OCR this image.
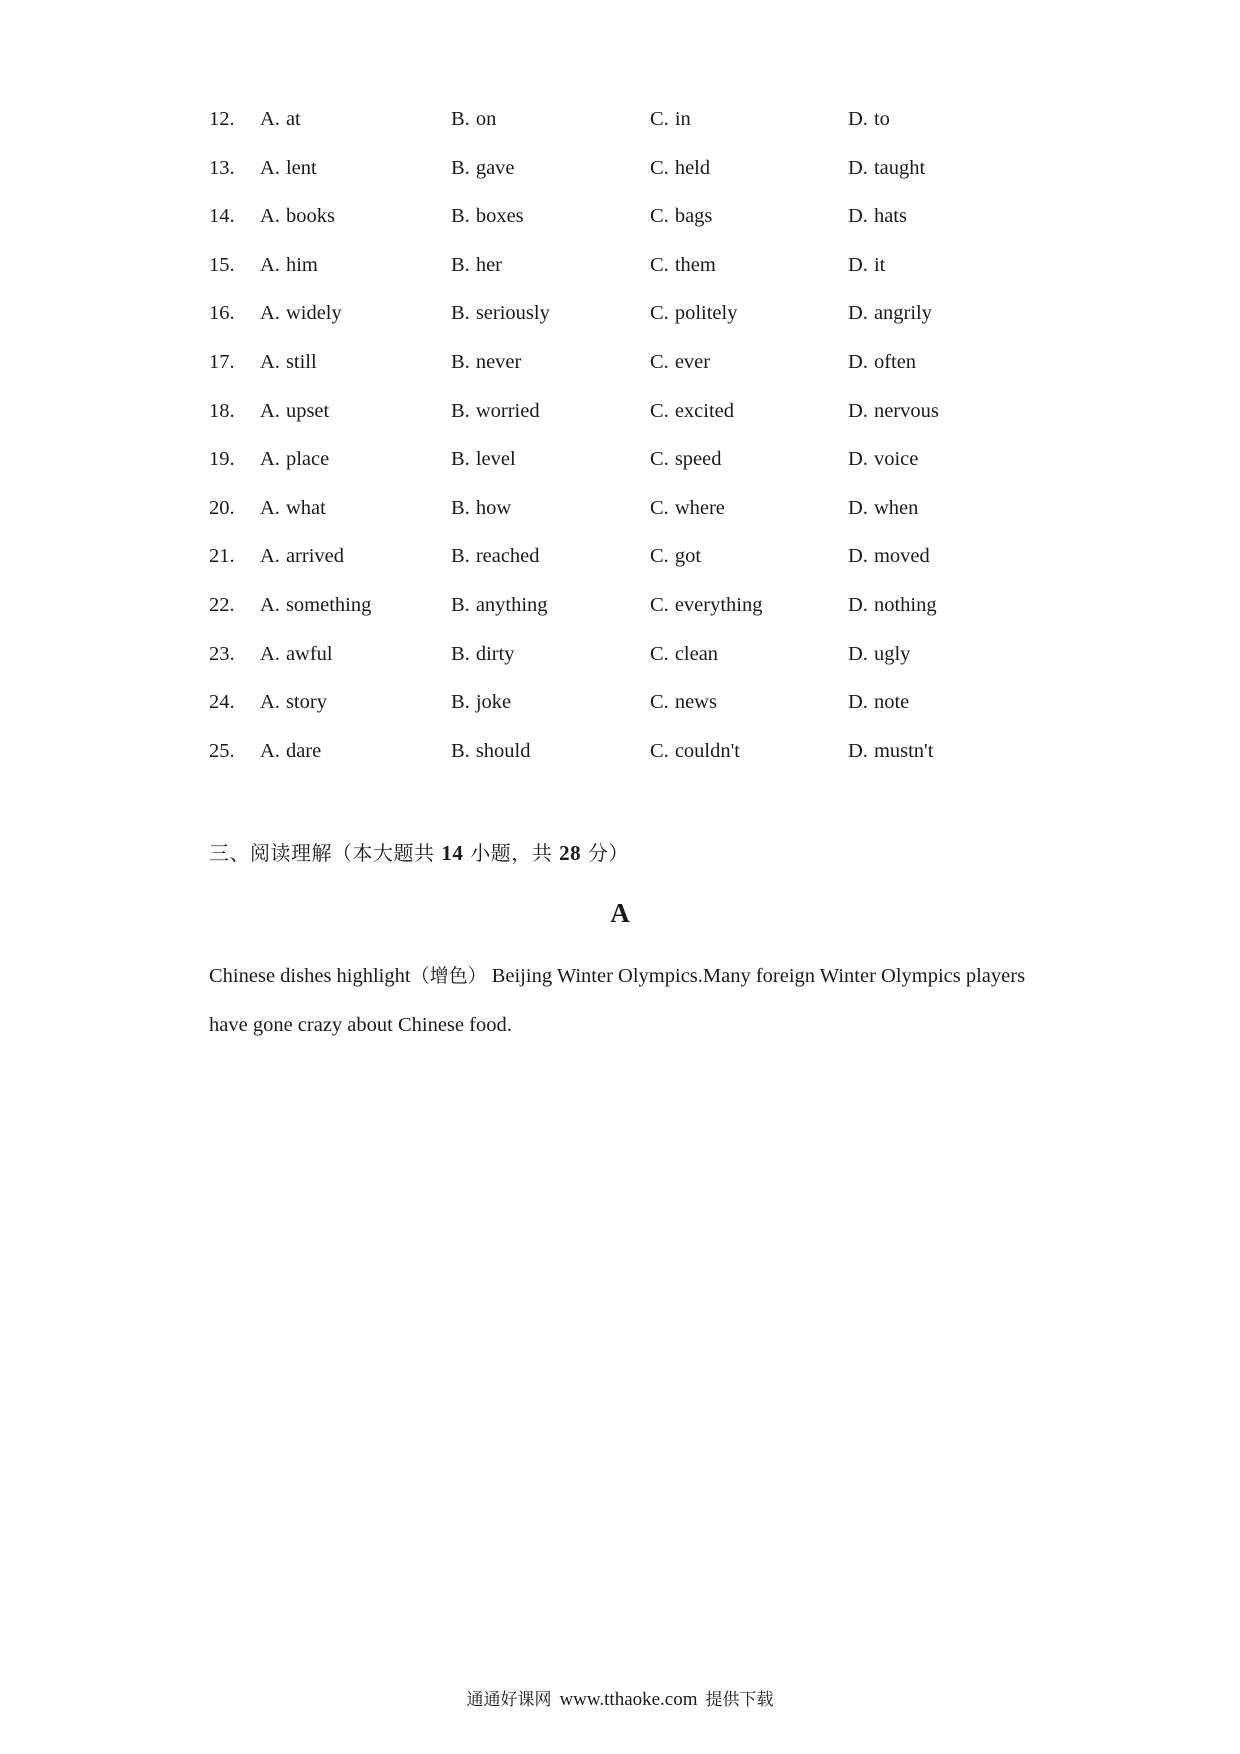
12. A. at	B. on	C. in	D. to
13. A. lent	B. gave	C. held	D. taught
14. A. books	B. boxes	C. bags	D. hats
15. A. him	B. her	C. them	D. it
16. A. widely	B. seriously	C. politely	D. angrily
17. A. still	B. never	C. ever	D. often
18. A. upset	B. worried	C. excited	D. nervous
19. A. place	B. level	C. speed	D. voice
20. A. what	B. how	C. where	D. when
21. A. arrived	B. reached	C. got	D. moved
22. A. something	B. anything	C. everything	D. nothing
23. A. awful	B. dirty	C. clean	D. ugly
24. A. story	B. joke	C. news	D. note
25. A. dare	B. should	C. couldn't	D. mustn't
三、阅读理解（本大题共 14 小题，共 28 分）
A
Chinese dishes highlight（增色） Beijing Winter Olympics.Many foreign Winter Olympics players have gone crazy about Chinese food.
通通好课网 www.tthaoke.com 提供下载
